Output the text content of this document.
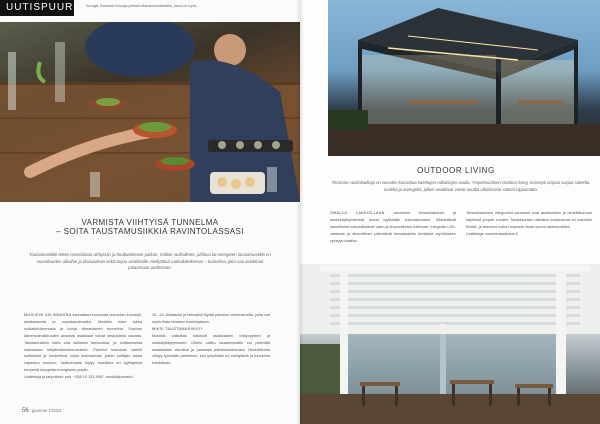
UUTISPUUROA
Kuvaaja: Ravintola Kuvaaja yhteisiin tilakokousmaisteihin, joissa on myös...
VARMISTA VIIHTYISÄ TUNNELMA
– SOITA TAUSTAMUSIIKKIA RAVINTOLASSASI
Taustamusiikki tekee ravintolasta viihtyisän ja houkuttelevan paikan. Valitse rauhallinen, juhlava tai energinen taustamusiikki eri vuorokauden aikoihin ja tilaisuuksiin sekä tarjoa asiakkaille miellyttävä ruokailukokemus – tunnelma, joka saa asiakkaat palaamaan uudestaan.
MUSIIKIN VALINNASSA kannattaa huomioida ravintolan konsepti, asiakaskunta ja vuorokaudenaika. Musiikin tulee tukea ruokailukokemusta ja luoda oikeanlainen tunnelma. Sopivan äänenvoimakkuuden ansiosta asiakkaat voivat keskustella vaivatta. Taustamusiikin tulee olla laillisesti lisensoitua, ja soittamisesta maksetaan tekijänoikeuskorvaukset. Palvelut kokoavat valmiit soittolistat ja huolehtivat myös lisensseistä, jolloin yrittäjän aikaa vapautuu muuhun. Valikoimasta löytyy musiikkia eri tyylilajeista kevyestä loungesta energiseen popiin.
Lisätietoja ja tarjoukset: puh. +358 10 123 4567, musiikkipalvelut.
10.–14. Aikataulut ja hinnastot löydät palvelun verkkosivuilta, joilta voit myös tilata ilmaisen kokeilujakson.
MIKSI TAUSTAMUSIIKKI?
Musiikki vaikuttaa tutkitusti asiakkaiden viihtyvyyteen ja ostokäyttäytymiseen. Oikein valittu taustamusiikki voi pidentää asiakkaiden vierailua ja parantaa palvelukokemusta. Henkilökunta viihtyy työssään paremmin, kun ympäristö on miellyttävä ja tunnelma kohdallaan.
56 gourmet 1/2023
OUTDOOR LIVING
Terassien aukioloaikoja on vaivaton kasvattaa katettujen ratkaisujen avulla. Ympärivuotinen Outdoor living -konsepti tarjoaa suojaa sateelta, tuulelta ja auringolta, jolloin asiakkaat voivat nauttia ulkoilmasta säästä riippumatta.
OMALLA LAKEISLLAAN varustetut terassikatokset ja lasiseinäjärjestelmät luovat tyylikkään kokonaisuuden. Säädettävät lamellikatot mahdollistavat valon ja ilmanvaihdon hallinnan. Integroitu LED-valaistus ja lämmittimet pidentävät terassikautta keväästä myöhäiseen syksyyn saakka.
Terassikatoksen integroidut varusteet ovat asiakkaiden ja henkilökunnan käytössä ympäri vuoden. Modulaariset ratkaisut mukautuvat eri kokoisiin tiloihin, ja asennus hoituu nopeasti ilman suuria rakennustöitä.
Lisätietoja: www.terassikatos.fi
